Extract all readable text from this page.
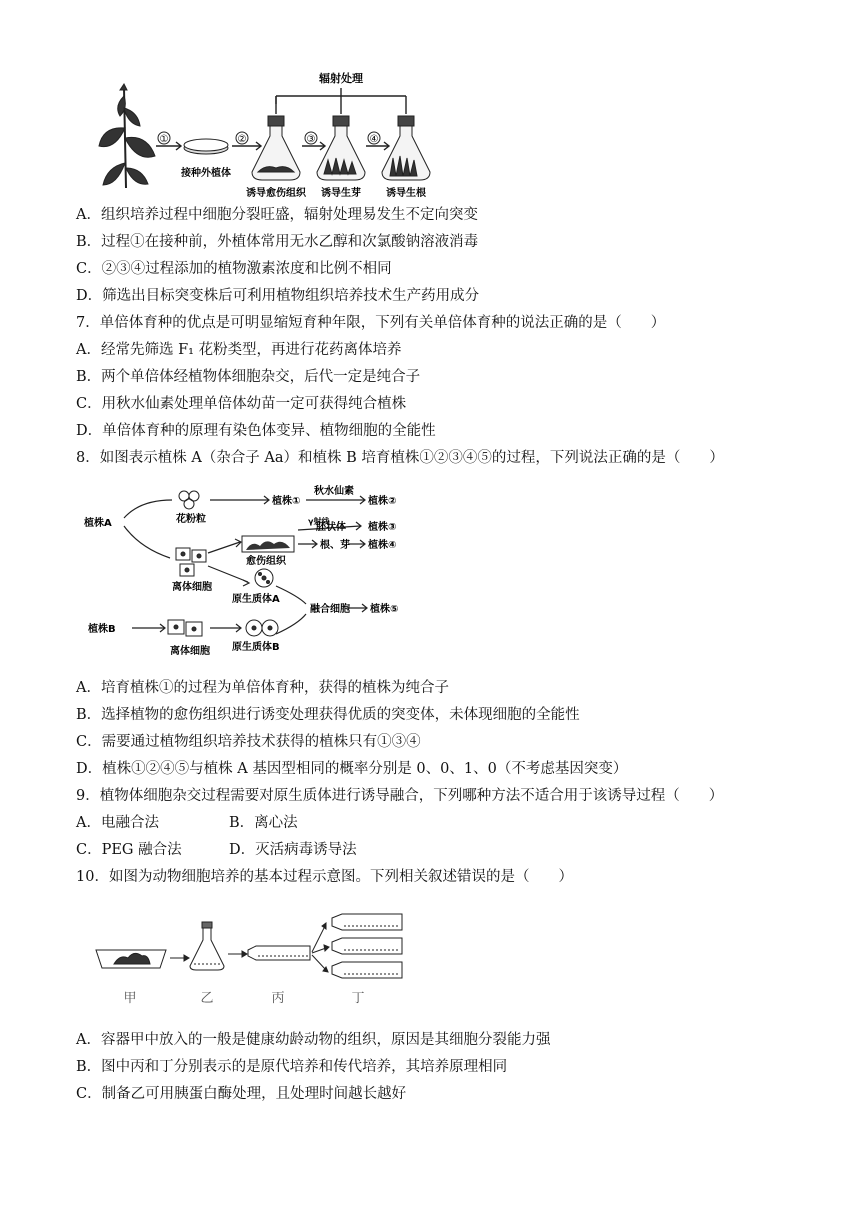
①	②	③	④
辐射处理
接种外植体
诱导愈伤组织 诱导生芽	诱导生根
A．组织培养过程中细胞分裂旺盛，辐射处理易发生不定向突变
B．过程①在接种前，外植体常用无水乙醇和次氯酸钠溶液消毒
C．②③④过程添加的植物激素浓度和比例不相同
D．筛选出目标突变株后可利用植物组织培养技术生产药用成分
7．单倍体育种的优点是可明显缩短育种年限，下列有关单倍体育种的说法正确的是（　　）
A．经常先筛选 F₁ 花粉类型，再进行花药离体培养
B．两个单倍体经植物体细胞杂交，后代一定是纯合子
C．用秋水仙素处理单倍体幼苗一定可获得纯合植株
D．单倍体育种的原理有染色体变异、植物细胞的全能性
8．如图表示植株 A（杂合子 Aa）和植株 B 培育植株①②③④⑤的过程，下列说法正确的是（　　）
植株A	花粉粒
植株①
秋水仙素
植株②
γ射线
胚状体 植株③
愈伤组织
根、芽 植株④
离体细胞
原生质体A
融合细胞 植株⑤
植株B
离体细胞 原生质体B
A．培育植株①的过程为单倍体育种，获得的植株为纯合子
B．选择植物的愈伤组织进行诱变处理获得优质的突变体，未体现细胞的全能性
C．需要通过植物组织培养技术获得的植株只有①③④
D．植株①②④⑤与植株 A 基因型相同的概率分别是 0、0、1、0（不考虑基因突变）
9．植物体细胞杂交过程需要对原生质体进行诱导融合，下列哪种方法不适合用于该诱导过程（　　）
A．电融合法	B．离心法
C．PEG 融合法	D．灭活病毒诱导法
10．如图为动物细胞培养的基本过程示意图。下列相关叙述错误的是（　　）
甲	乙	丙	丁
A．容器甲中放入的一般是健康幼龄动物的组织，原因是其细胞分裂能力强
B．图中丙和丁分别表示的是原代培养和传代培养，其培养原理相同
C．制备乙可用胰蛋白酶处理，且处理时间越长越好
